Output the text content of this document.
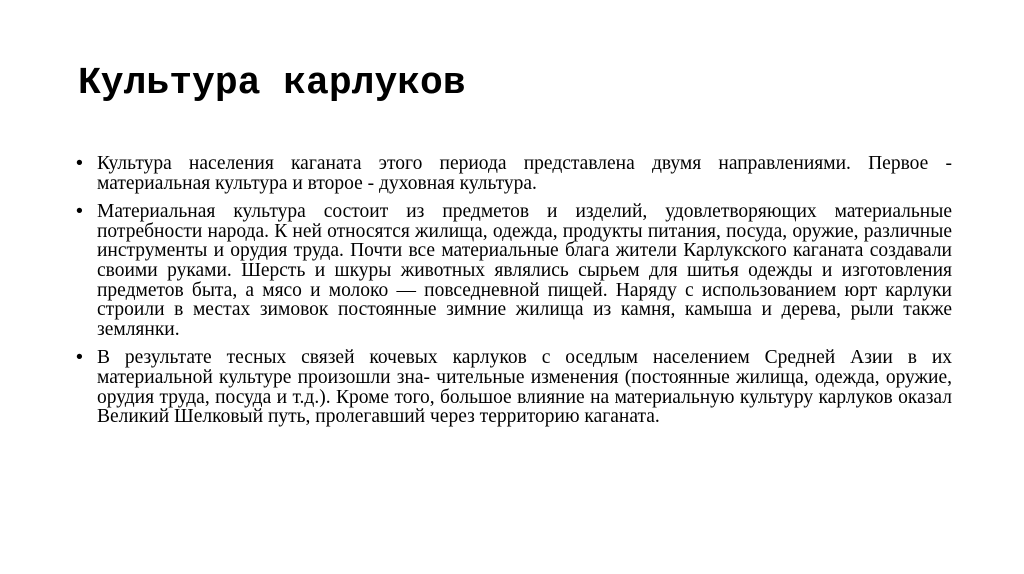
Культура карлуков
• Культура населения каганата этого периода представлена двумя направлениями. Первое - материальная культура и второе - духовная культура.
• Материальная культура состоит из предметов и изделий, удовлетворяющих материальные потребности народа. К ней относятся жилища, одежда, продукты питания, посуда, оружие, различные инструменты и орудия труда. Почти все материальные блага жители Карлукского каганата создавали своими руками. Шерсть и шкуры животных являлись сырьем для шитья одежды и изготовления предметов быта, а мясо и молоко — повседневной пищей. Наряду с использованием юрт карлуки строили в местах зимовок постоянные зимние жилища из камня, камыша и дерева, рыли также землянки.
• В результате тесных связей кочевых карлуков с оседлым населением Средней Азии в их материальной культуре произошли зна- чительные изменения (постоянные жилища, одежда, оружие, орудия труда, посуда и т.д.). Кроме того, большое влияние на материальную культуру карлуков оказал Великий Шелковый путь, пролегавший через территорию каганата.
